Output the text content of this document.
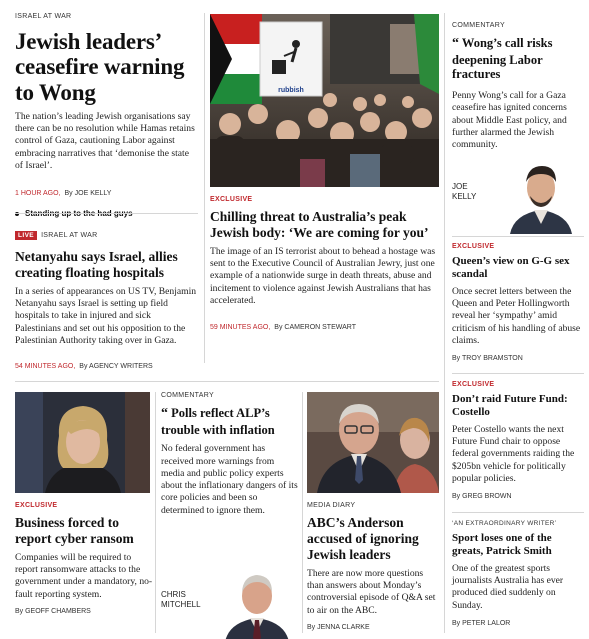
ISRAEL AT WAR
Jewish leaders’ ceasefire warning to Wong
The nation’s leading Jewish organisations say there can be no resolution while Hamas retains control of Gaza, cautioning Labor against embracing narratives that ‘demonise the state of Israel’.
1 HOUR AGO, By JOE KELLY
LIVE ISRAEL AT WAR
Netanyahu says Israel, allies creating floating hospitals
In a series of appearances on US TV, Benjamin Netanyahu says Israel is setting up field hospitals to take in injured and sick Palestinians and set out his opposition to the Palestinian Authority taking over in Gaza.
54 MINUTES AGO, By AGENCY WRITERS
rubbish
EXCLUSIVE
Chilling threat to Australia’s peak Jewish body: ‘We are coming for you’
The image of an IS terrorist about to behead a hostage was sent to the Executive Council of Australian Jewry, just one example of a nationwide surge in death threats, abuse and incitement to violence against Jewish Australians that has accelerated.
59 MINUTES AGO, By CAMERON STEWART
COMMENTARY
“ Wong’s call risks deepening Labor fractures
Penny Wong’s call for a Gaza ceasefire has ignited concerns about Middle East policy, and further alarmed the Jewish community.
JOE
KELLY
EXCLUSIVE
Queen’s view on G-G sex scandal
Once secret letters between the Queen and Peter Hollingworth reveal her ‘sympathy’ amid criticism of his handling of abuse claims.
By TROY BRAMSTON
EXCLUSIVE
Don’t raid Future Fund: Costello
Peter Costello wants the next Future Fund chair to oppose federal governments raiding the $205bn vehicle for politically popular policies.
By GREG BROWN
‘AN EXTRAORDINARY WRITER’
Sport loses one of the greats, Patrick Smith
One of the greatest sports journalists Australia has ever produced died suddenly on Sunday.
By PETER LALOR
EXCLUSIVE
Business forced to report cyber ransom
Companies will be required to report ransomware attacks to the government under a mandatory, no-fault reporting system.
By GEOFF CHAMBERS
COMMENTARY
“ Polls reflect ALP’s trouble with inflation
No federal government has received more warnings from media and public policy experts about the inflationary dangers of its core policies and been so determined to ignore them.
CHRIS
MITCHELL
MEDIA DIARY
ABC’s Anderson accused of ignoring Jewish leaders
There are now more questions than answers about Monday’s controversial episode of Q&A set to air on the ABC.
By JENNA CLARKE
